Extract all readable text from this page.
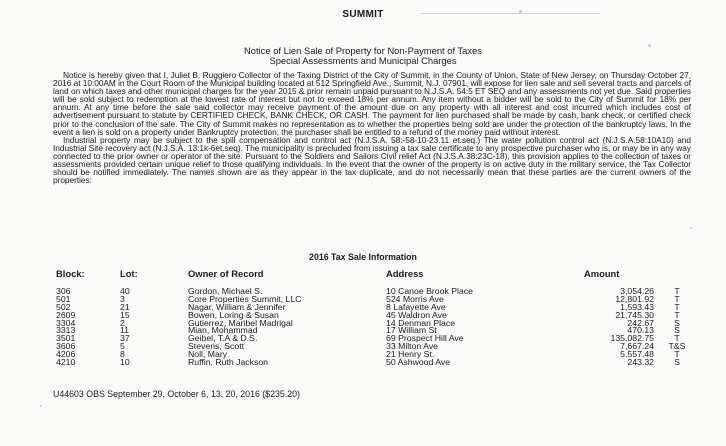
SUMMIT
Notice of Lien Sale of Property for Non-Payment of Taxes
Special Assessments and Municipal Charges

Notice is hereby given that I, Juliet B. Ruggiero Collector of the Taxing District of the City of Summit, in the County of Union, State of New Jersey, on Thursday October 27, 2016 at 10:00AM in the Court Room of the Municipal building located at 512 Springfield Ave., Summit, N.J. 07901, will expose for lien sale and sell several tracts and parcels of land on which taxes and other municipal charges for the year 2015 & prior remain unpaid pursuant to N.J.S.A. 54:5 ET SEQ and any assessments not yet due. Said properties will be sold subject to redemption at the lowest rate of interest but not to exceed 18% per annum. Any item without a bidder will be sold to the City of Summit for 18% per annum. At any time before the sale said collector may receive payment of the amount due on any property with all interest and cost incurred which includes cost of advertisement pursuant to statute by CERTIFIED CHECK, BANK CHECK, OR CASH. The payment for lien purchased shall be made by cash, bank check, or certified check prior to the conclusion of the sale. The City of Summit makes no representation as to whether the properties being sold are under the protection of the bankruptcy laws. In the event a lien is sold on a property under Bankruptcy protection, the purchaser shall be entitled to a refund of the money paid without interest.

Industrial property may be subject to the spill compensation and control act (N.J.S.A. 58:-58-10-23.11 et.seq.) The water pollution control act (N.J.S.A.58:10A10) and Industrial Site recovery act (N.J.S.A. 13:1k-6et.seq). The municipality is precluded from issuing a tax sale certificate to any prospective purchaser who is, or may be in any way connected to the prior owner or operator of the site. Pursuant to the Soldiers and Sailors Civil relief Act (N.J.S.A.38:23C-18), this provision applies to the collection of taxes or assessments provided certain unique relief to those qualifying individuals. In the event that the owner of the property is on active duty in the military service, the Tax Collector should be notified immediately. The names shown are as they appear in the tax duplicate, and do not necessarily mean that these parties are the current owners of the properties:

2016 Tax Sale Information
Block:	Lot:	Owner of Record	Address	Amount
306	40	Gordon, Michael S.	10 Canoe Brook Place	3,054.26	T
501	3	Core Properties Summit, LLC	524 Morris Ave	12,801.92	T
502	21	Nagar, William & Jennifer	8 Lafayette Ave	1,593.43	T
2609	15	Bowen, Loring & Susan	45 Waldron Ave	21,745.30	T
3304	2	Gutierrez, Maribel Madrigal	14 Denman Place	242.67	S
3313	11	Mian, Mohammad	17 William St	470.13	S
3501	37	Geibel, T.A & D.S.	69 Prospect Hill Ave	135,082.75	T
3606	5	Stevens, Scott	33 Milton Ave	7,667.24	T&S
4206	8	Noll, Mary	21 Henry St.	5,557.48	T
4210	10	Ruffin, Ruth Jackson	50 Ashwood Ave	243.32	S
U44603 OBS September 29, October 6, 13, 20, 2016 ($235.20)
